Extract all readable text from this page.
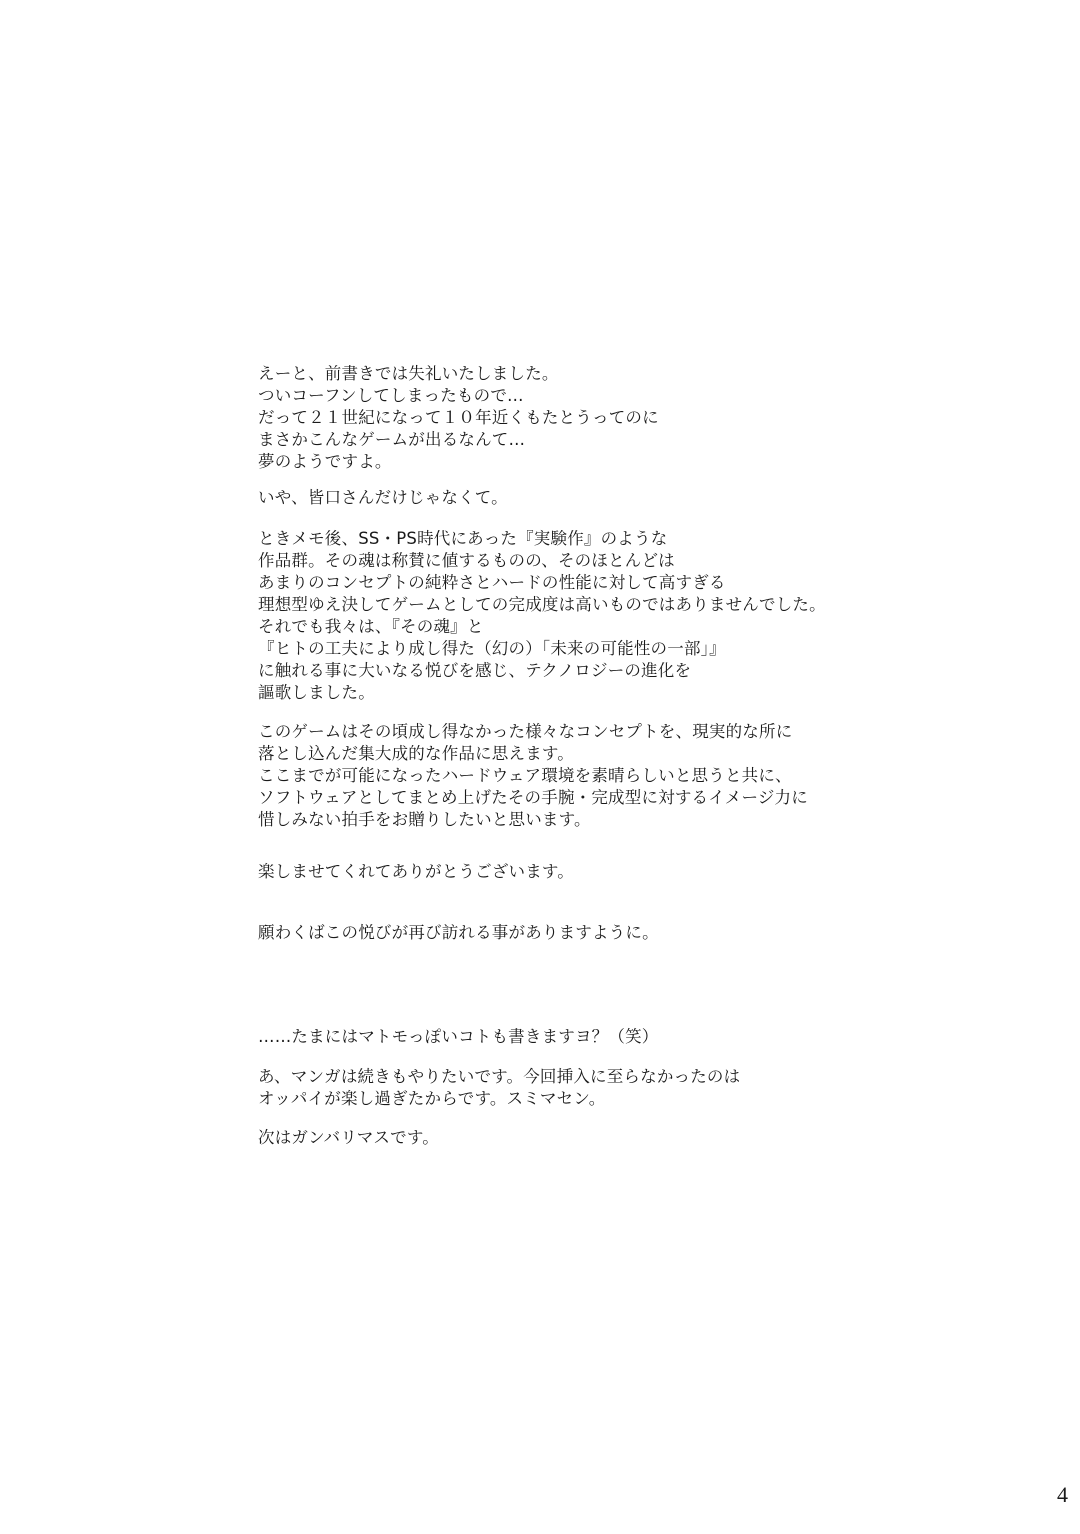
えーと、前書きでは失礼いたしました。
ついコーフンしてしまったもので…
だって２１世紀になって１０年近くもたとうってのに
まさかこんなゲームが出るなんて…
夢のようですよ。
いや、皆口さんだけじゃなくて。
ときメモ後、SS・PS時代にあった『実験作』のような
作品群。その魂は称賛に値するものの、そのほとんどは
あまりのコンセプトの純粋さとハードの性能に対して高すぎる
理想型ゆえ決してゲームとしての完成度は高いものではありませんでした。
それでも我々は、『その魂』と
『ヒトの工夫により成し得た（幻の）「未来の可能性の一部」』
に触れる事に大いなる悦びを感じ、テクノロジーの進化を
謳歌しました。
このゲームはその頃成し得なかった様々なコンセプトを、現実的な所に
落とし込んだ集大成的な作品に思えます。
ここまでが可能になったハードウェア環境を素晴らしいと思うと共に、
ソフトウェアとしてまとめ上げたその手腕・完成型に対するイメージ力に
惜しみない拍手をお贈りしたいと思います。
楽しませてくれてありがとうございます。
願わくばこの悦びが再び訪れる事がありますように。
……たまにはマトモっぽいコトも書きますヨ？（笑）
あ、マンガは続きもやりたいです。今回挿入に至らなかったのは
オッパイが楽し過ぎたからです。スミマセン。
次はガンバリマスです。
4
